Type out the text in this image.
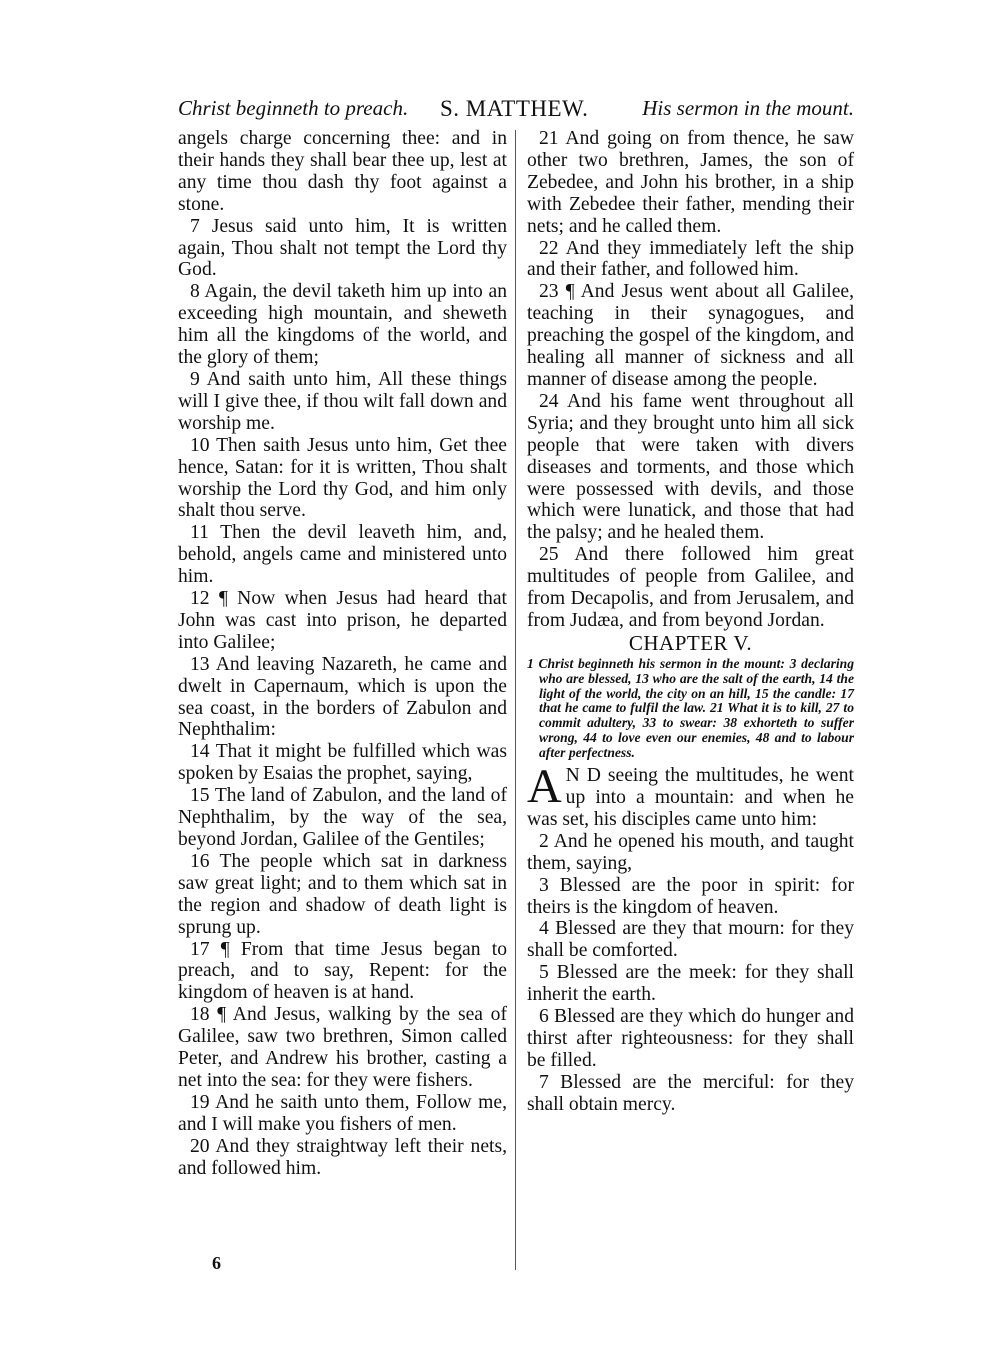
Christ beginneth to preach. S. MATTHEW.	His sermon in the mount.

angels charge concerning thee: and in their hands they shall bear thee up, lest at any time thou dash thy foot against a stone.

7 Jesus said unto him, It is written again, Thou shalt not tempt the Lord thy God.

8 Again, the devil taketh him up into an exceeding high mountain, and sheweth him all the kingdoms of the world, and the glory of them;

9 And saith unto him, All these things will I give thee, if thou wilt fall down and worship me.

10 Then saith Jesus unto him, Get thee hence, Satan: for it is written, Thou shalt worship the Lord thy God, and him only shalt thou serve.

11 Then the devil leaveth him, and, behold, angels came and ministered unto him.

12 ¶ Now when Jesus had heard that John was cast into prison, he departed into Galilee;

13 And leaving Nazareth, he came and dwelt in Capernaum, which is upon the sea coast, in the borders of Zabulon and Nephthalim:

14 That it might be fulfilled which was spoken by Esaias the prophet, saying,

15 The land of Zabulon, and the land of Nephthalim, by the way of the sea, beyond Jordan, Galilee of the Gentiles;

16 The people which sat in darkness saw great light; and to them which sat in the region and shadow of death light is sprung up.

17 ¶ From that time Jesus began to preach, and to say, Repent: for the kingdom of heaven is at hand.

18 ¶ And Jesus, walking by the sea of Galilee, saw two brethren, Simon called Peter, and Andrew his brother, casting a net into the sea: for they were fishers.

19 And he saith unto them, Follow me, and I will make you fishers of men.

20 And they straightway left their nets, and followed him.

21 And going on from thence, he saw other two brethren, James, the son of Zebedee, and John his brother, in a ship with Zebedee their father, mending their nets; and he called them.

22 And they immediately left the ship and their father, and followed him.

23 ¶ And Jesus went about all Galilee, teaching in their synagogues, and preaching the gospel of the kingdom, and healing all manner of sickness and all manner of disease among the people.

24 And his fame went throughout all Syria; and they brought unto him all sick people that were taken with divers diseases and torments, and those which were possessed with devils, and those which were lunatick, and those that had the palsy; and he healed them.

25 And there followed him great multitudes of people from Galilee, and from Decapolis, and from Jerusalem, and from Judæa, and from beyond Jordan.

CHAPTER V.

1 Christ beginneth his sermon in the mount: 3 declaring who are blessed, 13 who are the salt of the earth, 14 the light of the world, the city on an hill, 15 the candle: 17 that he came to fulfil the law. 21 What it is to kill, 27 to commit adultery, 33 to swear: 38 exhorteth to suffer wrong, 44 to love even our enemies, 48 and to labour after perfectness.

A N D seeing the multitudes, he went up into a mountain: and when he was set, his disciples came unto him:

2 And he opened his mouth, and taught them, saying,

3 Blessed are the poor in spirit: for theirs is the kingdom of heaven.

4 Blessed are they that mourn: for they shall be comforted.

5 Blessed are the meek: for they shall inherit the earth.

6 Blessed are they which do hunger and thirst after righteousness: for they shall be filled.

7 Blessed are the merciful: for they shall obtain mercy.

6
